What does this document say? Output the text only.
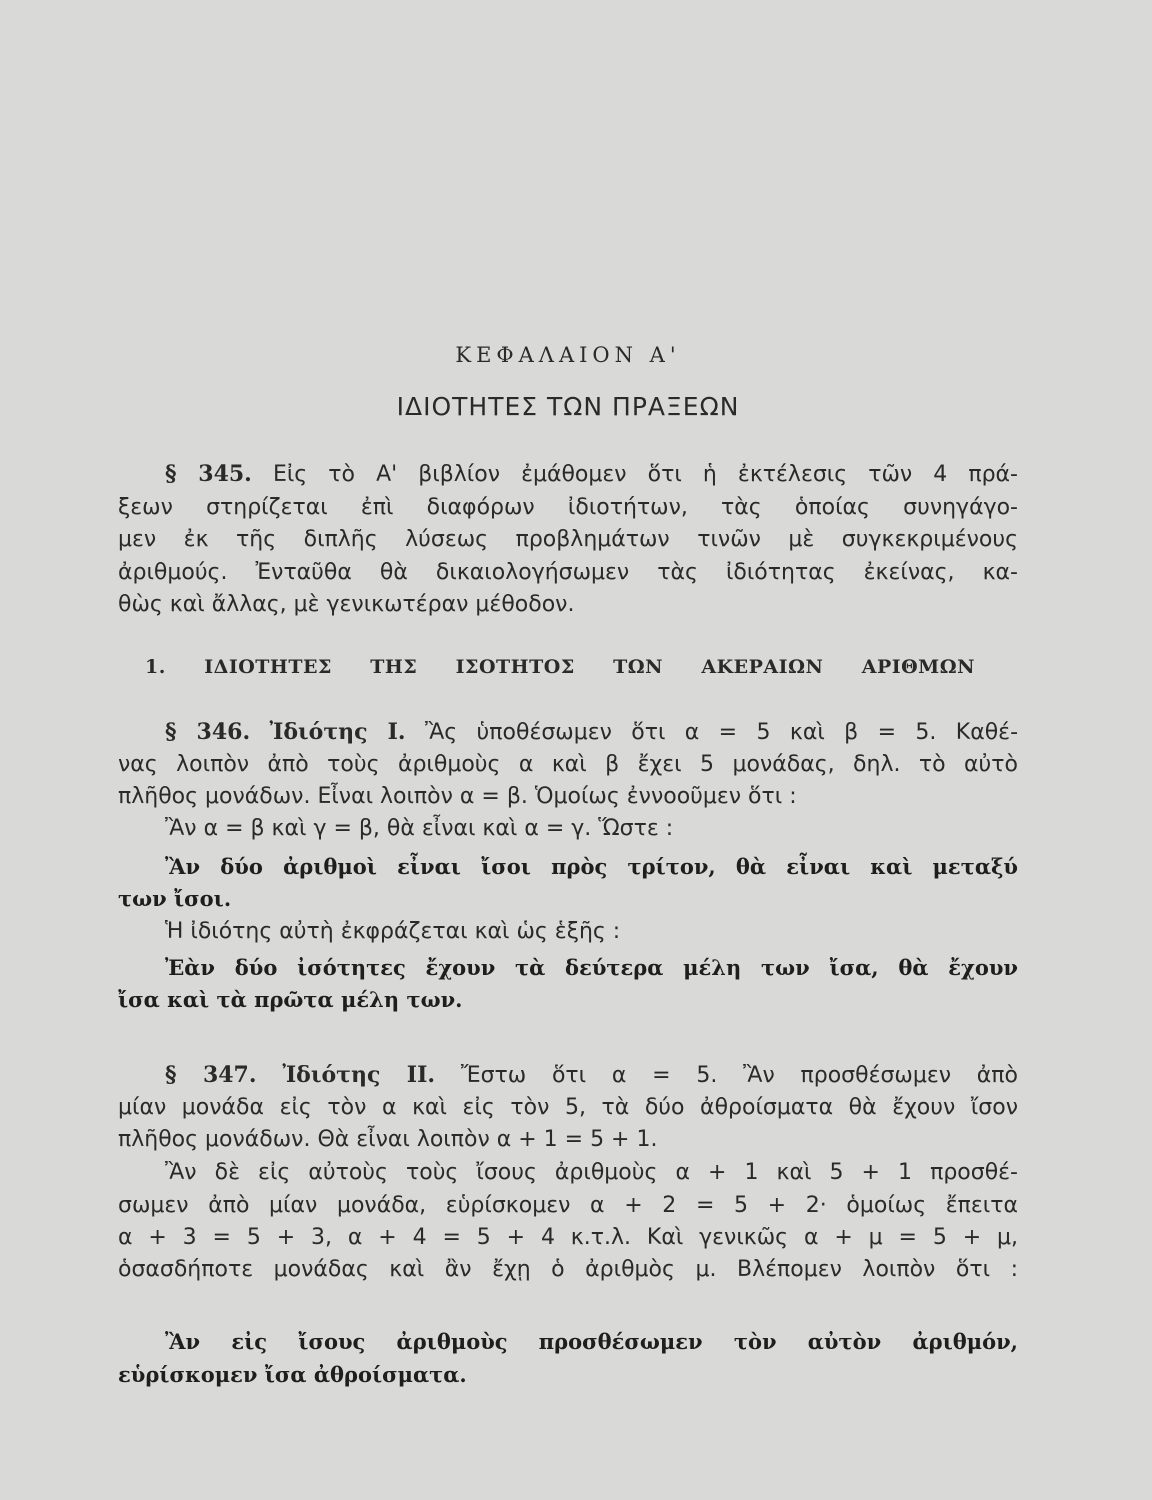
ΚΕΦΑΛΑΙΟΝ Α'
ΙΔΙΟΤΗΤΕΣ ΤΩΝ ΠΡΑΞΕΩΝ
§ 345. Εἰς τὸ Α' βιβλίον ἐμάθομεν ὅτι ἡ ἐκτέλεσις τῶν 4 πρά-
ξεων στηρίζεται ἐπὶ διαφόρων ἰδιοτήτων, τὰς ὁποίας συνηγάγο-
μεν ἐκ τῆς διπλῆς λύσεως προβλημάτων τινῶν μὲ συγκεκριμένους
ἀριθμούς. Ἐνταῦθα θὰ δικαιολογήσωμεν τὰς ἰδιότητας ἐκείνας, κα-
θὼς καὶ ἄλλας, μὲ γενικωτέραν μέθοδον.
1. ΙΔΙΟΤΗΤΕΣ ΤΗΣ ΙΣΟΤΗΤΟΣ ΤΩΝ ΑΚΕΡΑΙΩΝ ΑΡΙΘΜΩΝ
§ 346. Ἰδιότης I. Ἂς ὑποθέσωμεν ὅτι α = 5 καὶ β = 5. Καθέ-
νας λοιπὸν ἀπὸ τοὺς ἀριθμοὺς α καὶ β ἔχει 5 μονάδας, δηλ. τὸ αὐτὸ
πλῆθος μονάδων. Εἶναι λοιπὸν α = β. Ὁμοίως ἐννοοῦμεν ὅτι :
Ἂν α = β καὶ γ = β, θὰ εἶναι καὶ α = γ. Ὥστε :
Ἂν δύο ἀριθμοὶ εἶναι ἴσοι πρὸς τρίτον, θὰ εἶναι καὶ μεταξύ
των ἴσοι.
Ἡ ἰδιότης αὐτὴ ἐκφράζεται καὶ ὡς ἑξῆς :
Ἐὰν δύο ἰσότητες ἔχουν τὰ δεύτερα μέλη των ἴσα, θὰ ἔχουν
ἴσα καὶ τὰ πρῶτα μέλη των.
§ 347. Ἰδιότης II. Ἔστω ὅτι α = 5. Ἂν προσθέσωμεν ἀπὸ
μίαν μονάδα εἰς τὸν α καὶ εἰς τὸν 5, τὰ δύο ἀθροίσματα θὰ ἔχουν ἴσον
πλῆθος μονάδων. Θὰ εἶναι λοιπὸν α + 1 = 5 + 1.
Ἂν δὲ εἰς αὐτοὺς τοὺς ἴσους ἀριθμοὺς α + 1 καὶ 5 + 1 προσθέ-
σωμεν ἀπὸ μίαν μονάδα, εὑρίσκομεν α + 2 = 5 + 2· ὁμοίως ἔπειτα
α + 3 = 5 + 3, α + 4 = 5 + 4 κ.τ.λ. Καὶ γενικῶς α + μ = 5 + μ,
ὁσασδήποτε μονάδας καὶ ἂν ἔχῃ ὁ ἀριθμὸς μ. Βλέπομεν λοιπὸν ὅτι :
Ἂν εἰς ἴσους ἀριθμοὺς προσθέσωμεν τὸν αὐτὸν ἀριθμόν,
εὑρίσκομεν ἴσα ἀθροίσματα.
